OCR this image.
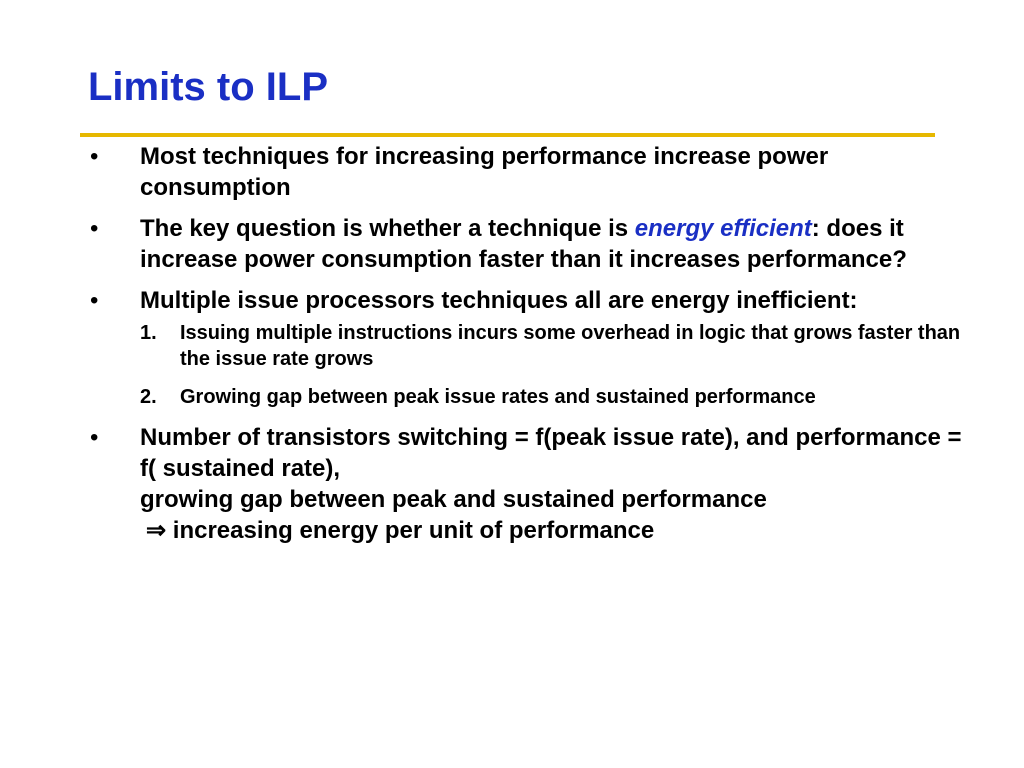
Limits to ILP
• Most techniques for increasing performance increase power consumption
• The key question is whether a technique is energy efficient: does it increase power consumption faster than it increases performance?
• Multiple issue processors techniques all are energy inefficient:
1. Issuing multiple instructions incurs some overhead in logic that grows faster than the issue rate grows
2. Growing gap between peak issue rates and sustained performance
• Number of transistors switching = f(peak issue rate), and performance = f( sustained rate),
growing gap between peak and sustained performance
⇒ increasing energy per unit of performance
